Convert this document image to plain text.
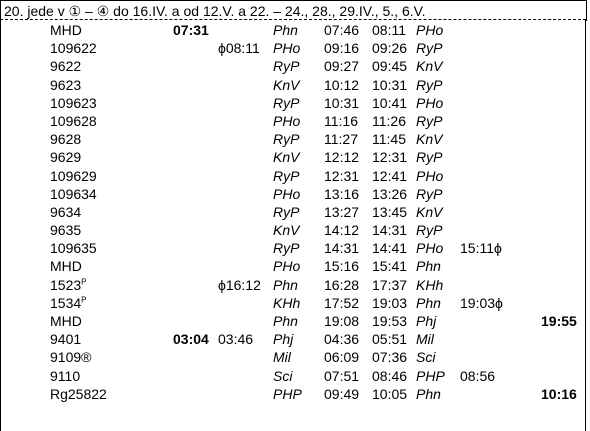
20. jede v ① – ④ do 16.IV. a od 12.V. a 22. – 24., 28., 29.IV., 5., 6.V.
MHD	07:31	Phn 07:46 08:11 PHo
109622	ϕ08:11 PHo 09:16 09:26 RyP
9622	RyP 09:27 09:45 KnV
9623	KnV 10:12 10:31 RyP
109623	RyP 10:31 10:41 PHo
109628	PHo 11:16 11:26 RyP
9628	RyP 11:27 11:45 KnV
9629	KnV 12:12 12:31 RyP
109629	RyP 12:31 12:41 PHo
109634	PHo 13:16 13:26 RyP
9634	RyP 13:27 13:45 KnV
9635	KnV 14:12 14:31 RyP
109635	RyP 14:31 14:41 PHo 15:11ϕ
MHD	PHo 15:16 15:41 Phn
$1523^P$	ϕ16:12 Phn 16:28 17:37 KHh
$1534^P$	KHh 17:52 19:03 Phn 19:03ϕ
MHD	Phn 19:08 19:53 Phj	19:55
9401	03:04 03:46 Phj 04:36 05:51 Mil
9109®	Mil 06:09 07:36 Sci
9110	Sci 07:51 08:46 PHP 08:56
Rg25822	PHP 09:49 10:05 Phn	10:16
